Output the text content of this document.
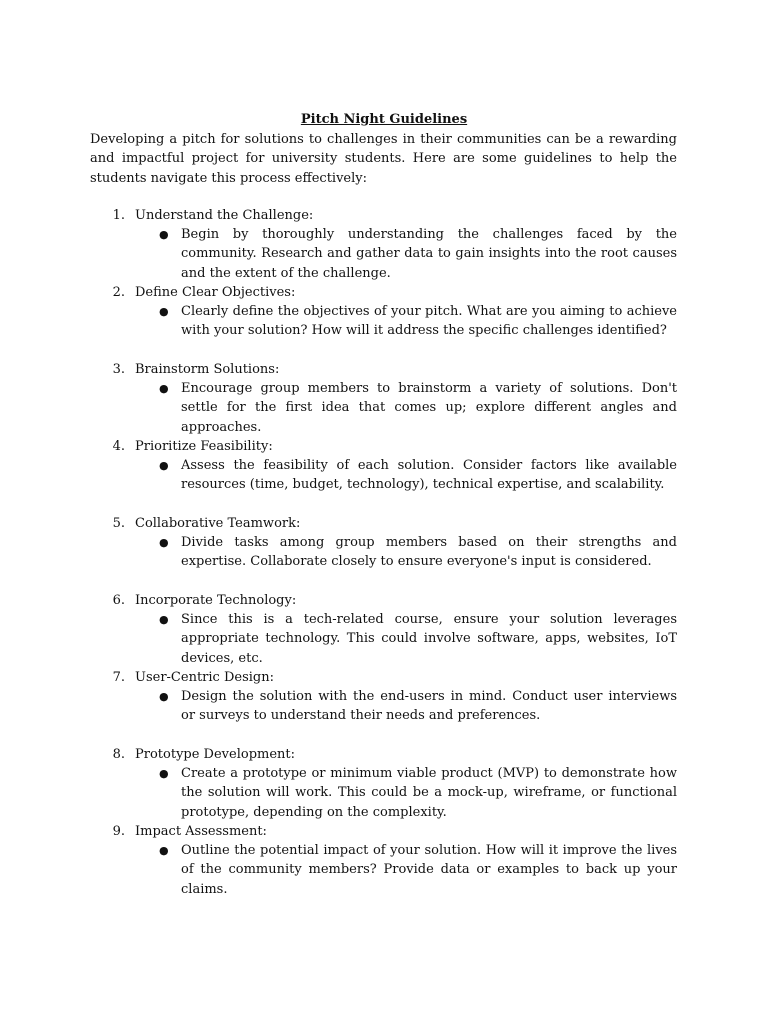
Pitch Night Guidelines

Developing a pitch for solutions to challenges in their communities can be a rewarding and impactful project for university students. Here are some guidelines to help the students navigate this process effectively:

1. Understand the Challenge:
● Begin by thoroughly understanding the challenges faced by the community. Research and gather data to gain insights into the root causes and the extent of the challenge.

2. Define Clear Objectives:
● Clearly define the objectives of your pitch. What are you aiming to achieve with your solution? How will it address the specific challenges identified?

3. Brainstorm Solutions:
● Encourage group members to brainstorm a variety of solutions. Don't settle for the first idea that comes up; explore different angles and approaches.

4. Prioritize Feasibility:
● Assess the feasibility of each solution. Consider factors like available resources (time, budget, technology), technical expertise, and scalability.

5. Collaborative Teamwork:
● Divide tasks among group members based on their strengths and expertise. Collaborate closely to ensure everyone's input is considered.

6. Incorporate Technology:
● Since this is a tech-related course, ensure your solution leverages appropriate technology. This could involve software, apps, websites, IoT devices, etc.

7. User-Centric Design:
● Design the solution with the end-users in mind. Conduct user interviews or surveys to understand their needs and preferences.

8. Prototype Development:
● Create a prototype or minimum viable product (MVP) to demonstrate how the solution will work. This could be a mock-up, wireframe, or functional prototype, depending on the complexity.

9. Impact Assessment:
● Outline the potential impact of your solution. How will it improve the lives of the community members? Provide data or examples to back up your claims.
